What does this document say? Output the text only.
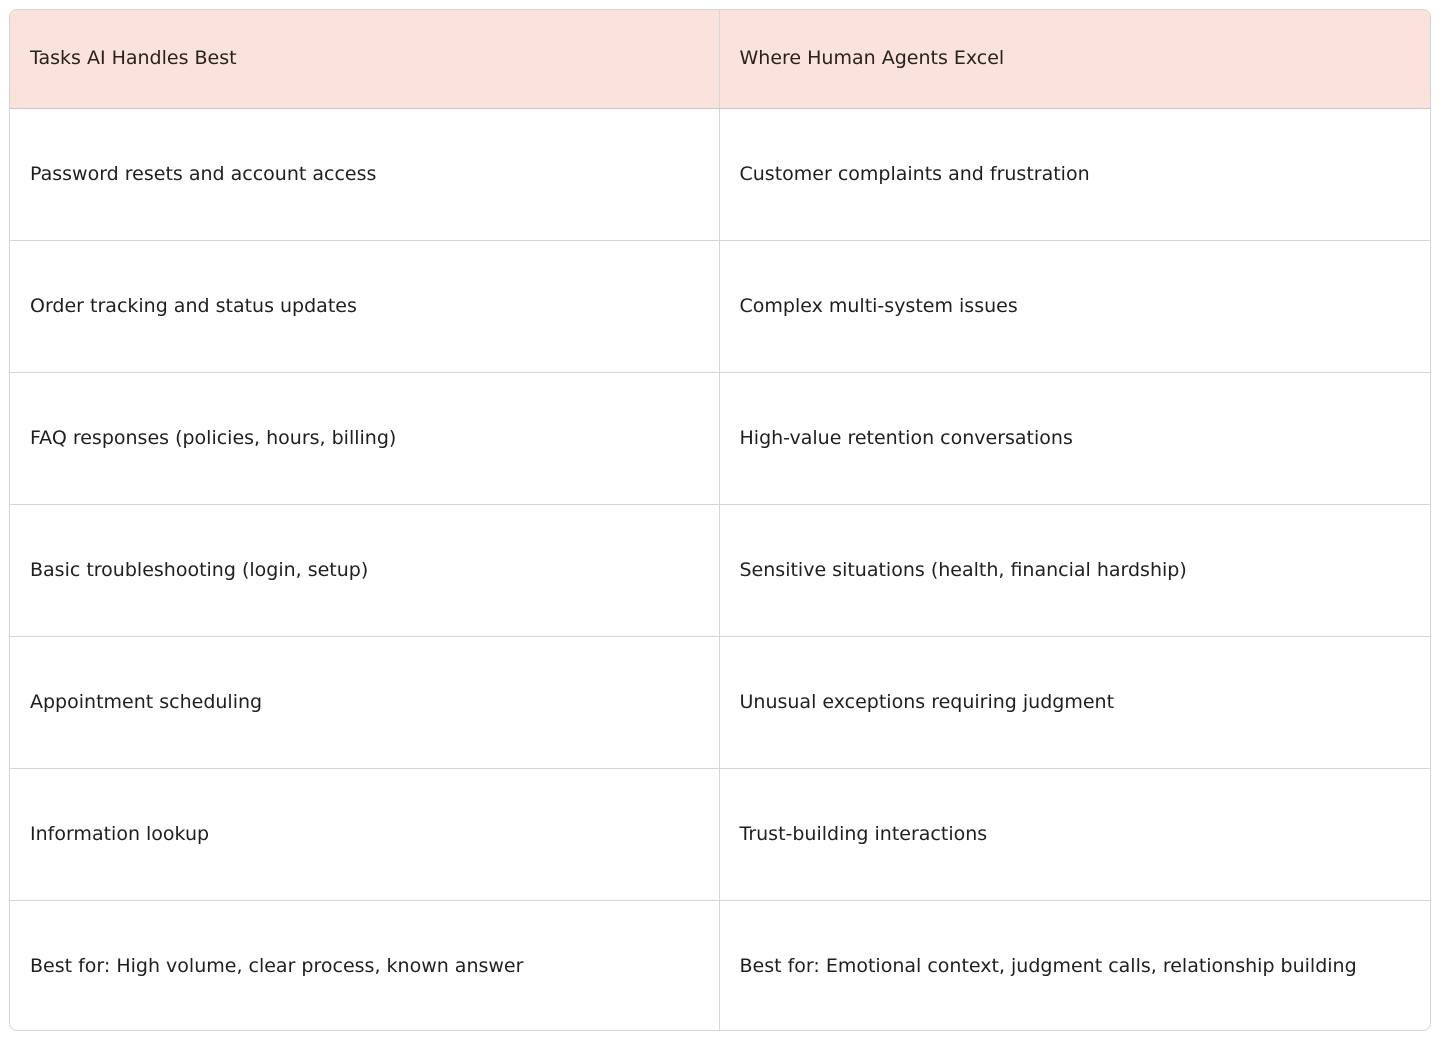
Tasks AI Handles Best	Where Human Agents Excel
Password resets and account access	Customer complaints and frustration
Order tracking and status updates	Complex multi-system issues
FAQ responses (policies, hours, billing)	High-value retention conversations
Basic troubleshooting (login, setup)	Sensitive situations (health, financial hardship)
Appointment scheduling	Unusual exceptions requiring judgment
Information lookup	Trust-building interactions
Best for: High volume, clear process, known answer	Best for: Emotional context, judgment calls, relationship building
